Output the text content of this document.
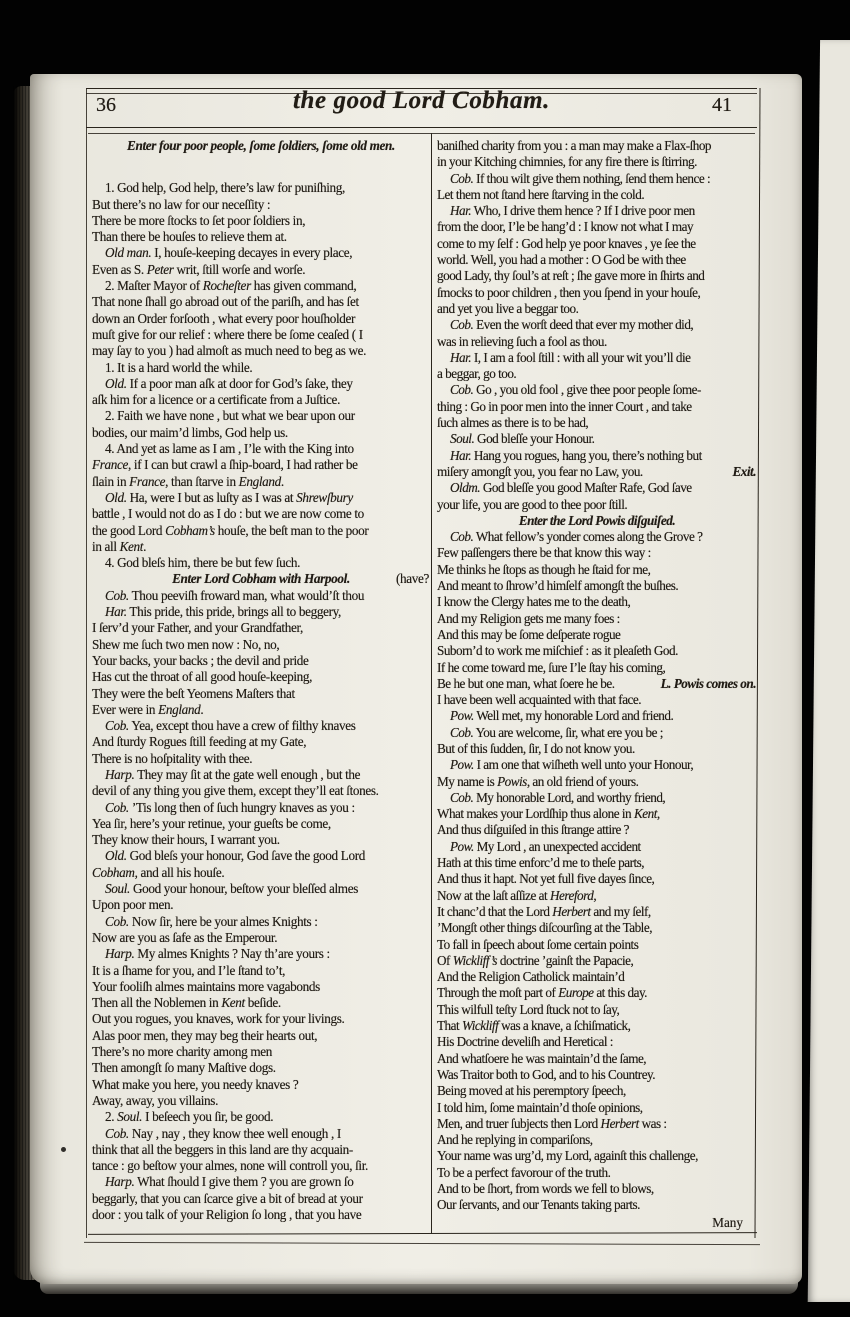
36	the good Lord Cobham.	41
Enter four poor people, ſome ſoldiers, ſome old men.
1. God help, God help, there’s law for puniſhing,
But there’s no law for our neceſſity :
There be more ſtocks to ſet poor ſoldiers in,
Than there be houſes to relieve them at.
Old man. I, houſe-keeping decayes in every place,
Even as S. Peter writ, ſtill worſe and worſe.
2. Maſter Mayor of Rocheſter has given command,
That none ſhall go abroad out of the pariſh, and has ſet
down an Order forſooth , what every poor houſholder
muſt give for our relief : where there be ſome ceaſed ( I
may ſay to you ) had almoſt as much need to beg as we.
1. It is a hard world the while.
Old. If a poor man aſk at door for God’s ſake, they
aſk him for a licence or a certificate from a Juſtice.
2. Faith we have none , but what we bear upon our
bodies, our maim’d limbs, God help us.
4. And yet as lame as I am , I’le with the King into
France, if I can but crawl a ſhip-board, I had rather be
ſlain in France, than ſtarve in England.
Old. Ha, were I but as luſty as I was at Shrewſbury
battle , I would not do as I do : but we are now come to
the good Lord Cobham’s houſe, the beſt man to the poor
in all Kent.
4. God bleſs him, there be but few ſuch.
Enter Lord Cobham with Harpool.	(have?
Cob. Thou peeviſh froward man, what would’ſt thou
Har. This pride, this pride, brings all to beggery,
I ſerv’d your Father, and your Grandfather,
Shew me ſuch two men now : No, no,
Your backs, your backs ; the devil and pride
Has cut the throat of all good houſe-keeping,
They were the beſt Yeomens Maſters that
Ever were in England.
Cob. Yea, except thou have a crew of filthy knaves
And ſturdy Rogues ſtill feeding at my Gate,
There is no hoſpitality with thee.
Harp. They may ſit at the gate well enough , but the
devil of any thing you give them, except they’ll eat ſtones.
Cob. ’Tis long then of ſuch hungry knaves as you :
Yea ſir, here’s your retinue, your gueſts be come,
They know their hours, I warrant you.
Old. God bleſs your honour, God ſave the good Lord
Cobham, and all his houſe.
Soul. Good your honour, beſtow your bleſſed almes
Upon poor men.
Cob. Now ſir, here be your almes Knights :
Now are you as ſafe as the Emperour.
Harp. My almes Knights ? Nay th’are yours :
It is a ſhame for you, and I’le ſtand to’t,
Your fooliſh almes maintains more vagabonds
Then all the Noblemen in Kent beſide.
Out you rogues, you knaves, work for your livings.
Alas poor men, they may beg their hearts out,
There’s no more charity among men
Then amongſt ſo many Maſtive dogs.
What make you here, you needy knaves ?
Away, away, you villains.
2. Soul. I beſeech you ſir, be good.
Cob. Nay , nay , they know thee well enough , I
think that all the beggers in this land are thy acquain-
tance : go beſtow your almes, none will controll you, ſir.
Harp. What ſhould I give them ? you are grown ſo
beggarly, that you can ſcarce give a bit of bread at your
door : you talk of your Religion ſo long , that you have
baniſhed charity from you : a man may make a Flax-ſhop
in your Kitching chimnies, for any fire there is ſtirring.
Cob. If thou wilt give them nothing, ſend them hence :
Let them not ſtand here ſtarving in the cold.
Har. Who, I drive them hence ? If I drive poor men
from the door, I’le be hang’d : I know not what I may
come to my ſelf : God help ye poor knaves , ye ſee the
world. Well, you had a mother : O God be with thee
good Lady, thy ſoul’s at reſt ; ſhe gave more in ſhirts and
ſmocks to poor children , then you ſpend in your houſe,
and yet you live a beggar too.
Cob. Even the worſt deed that ever my mother did,
was in relieving ſuch a fool as thou.
Har. I, I am a fool ſtill : with all your wit you’ll die
a beggar, go too.
Cob. Go , you old fool , give thee poor people ſome-
thing : Go in poor men into the inner Court , and take
ſuch almes as there is to be had,
Soul. God bleſſe your Honour.
Har. Hang you rogues, hang you, there’s nothing but
miſery amongſt you, you fear no Law, you.	Exit.
Oldm. God bleſſe you good Maſter Rafe, God ſave
your life, you are good to thee poor ſtill.
Enter the Lord Powis diſguiſed.
Cob. What fellow’s yonder comes along the Grove ?
Few paſſengers there be that know this way :
Me thinks he ſtops as though he ſtaid for me,
And meant to ſhrow’d himſelf amongſt the buſhes.
I know the Clergy hates me to the death,
And my Religion gets me many foes :
And this may be ſome deſperate rogue
Suborn’d to work me miſchief : as it pleaſeth God.
If he come toward me, ſure I’le ſtay his coming,
Be he but one man, what ſoere he be.	L. Powis comes on.
I have been well acquainted with that face.
Pow. Well met, my honorable Lord and friend.
Cob. You are welcome, ſir, what ere you be ;
But of this ſudden, ſir, I do not know you.
Pow. I am one that wiſheth well unto your Honour,
My name is Powis, an old friend of yours.
Cob. My honorable Lord, and worthy friend,
What makes your Lordſhip thus alone in Kent,
And thus diſguiſed in this ſtrange attire ?
Pow. My Lord , an unexpected accident
Hath at this time enforc’d me to theſe parts,
And thus it hapt. Not yet full five dayes ſince,
Now at the laſt aſſize at Hereford,
It chanc’d that the Lord Herbert and my ſelf,
’Mongſt other things diſcourſing at the Table,
To fall in ſpeech about ſome certain points
Of Wickliff’s doctrine ’gainſt the Papacie,
And the Religion Catholick maintain’d
Through the moſt part of Europe at this day.
This wilfull teſty Lord ſtuck not to ſay,
That Wickliff was a knave, a ſchiſmatick,
His Doctrine develiſh and Heretical :
And whatſoere he was maintain’d the ſame,
Was Traitor both to God, and to his Countrey.
Being moved at his peremptory ſpeech,
I told him, ſome maintain’d thoſe opinions,
Men, and truer ſubjects then Lord Herbert was :
And he replying in compariſons,
Your name was urg’d, my Lord, againſt this challenge,
To be a perfect favorour of the truth.
And to be ſhort, from words we fell to blows,
Our ſervants, and our Tenants taking parts.
Many
